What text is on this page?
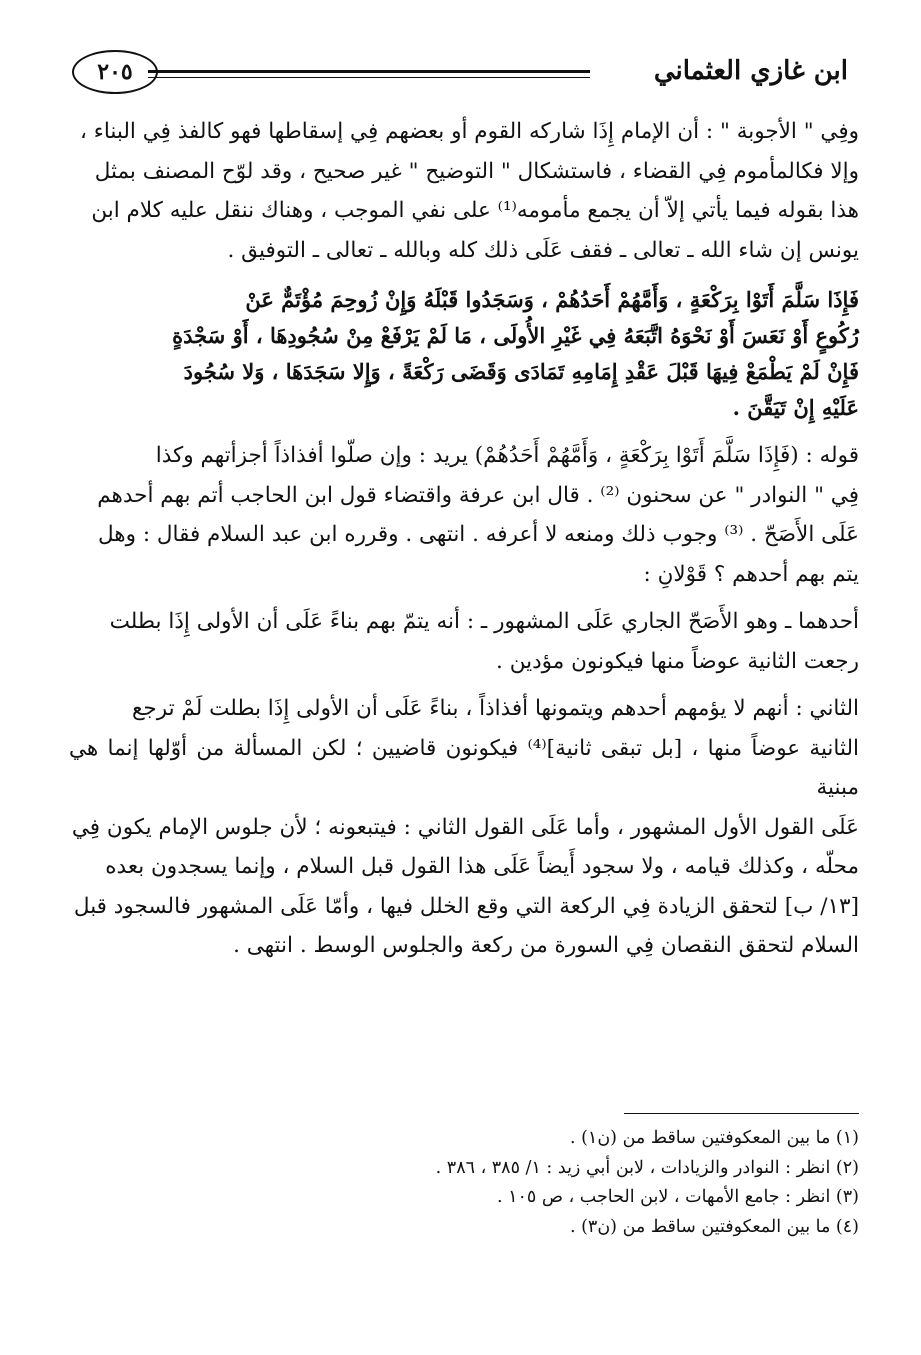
ابن غازي العثماني
٢٠٥

وفِي " الأجوبة " : أن الإمام إِذَا شاركه القوم أو بعضهم فِي إسقاطها فهو كالفذ فِي البناء ،
وإلا فكالمأموم فِي القضاء ، فاستشكال " التوضيح " غير صحيح ، وقد لوّح المصنف بمثل
هذا بقوله فيما يأتي إلاّ أن يجمع مأمومه⁽¹⁾ على نفي الموجب ، وهناك ننقل عليه كلام ابن
يونس إن شاء الله ـ تعالى ـ فقف عَلَى ذلك كله وبالله ـ تعالى ـ التوفيق .

فَإِذَا سَلَّمَ أَتَوْا بِرَكْعَةٍ ، وَأَمَّهُمْ أَحَدُهُمْ ، وَسَجَدُوا قَبْلَهُ وَإِنْ زُوحِمَ مُؤْتَمٌّ عَنْ
رُكُوعٍ أَوْ نَعَسَ أَوْ نَحْوَهُ اتَّبَعَهُ فِي غَيْرِ الأُولَى ، مَا لَمْ يَرْفَعْ مِنْ سُجُودِهَا ، أَوْ سَجْدَةٍ
فَإِنْ لَمْ يَطْمَعْ فِيهَا قَبْلَ عَقْدِ إِمَامِهِ تَمَادَى وَقَضَى رَكْعَةً ، وَإِلا سَجَدَهَا ، وَلا سُجُودَ
عَلَيْهِ إِنْ تَيَقَّنَ .

قوله : (فَإِذَا سَلَّمَ أَتَوْا بِرَكْعَةٍ ، وَأَمَّهُمْ أَحَدُهُمْ) يريد : وإن صلّوا أفذاذاً أجزأتهم وكذا
فِي " النوادر " عن سحنون ⁽²⁾ . قال ابن عرفة واقتضاء قول ابن الحاجب أتم بهم أحدهم
عَلَى الأَصَحّ . ⁽³⁾ وجوب ذلك ومنعه لا أعرفه . انتهى . وقرره ابن عبد السلام فقال : وهل
يتم بهم أحدهم ؟ قَوْلانِ :

أحدهما ـ وهو الأَصَحّ الجاري عَلَى المشهور ـ : أنه يتمّ بهم بناءً عَلَى أن الأولى إِذَا بطلت
رجعت الثانية عوضاً منها فيكونون مؤدين .

الثاني : أنهم لا يؤمهم أحدهم ويتمونها أفذاذاً ، بناءً عَلَى أن الأولى إِذَا بطلت لَمْ ترجع
الثانية عوضاً منها ، [بل تبقى ثانية]⁽⁴⁾ فيكونون قاضيين ؛ لكن المسألة من أوّلها إنما هي مبنية
عَلَى القول الأول المشهور ، وأما عَلَى القول الثاني : فيتبعونه ؛ لأن جلوس الإمام يكون فِي
محلّه ، وكذلك قيامه ، ولا سجود أَيضاً عَلَى هذا القول قبل السلام ، وإنما يسجدون بعده
[١٣/ ب] لتحقق الزيادة فِي الركعة التي وقع الخلل فيها ، وأمّا عَلَى المشهور فالسجود قبل
السلام لتحقق النقصان فِي السورة من ركعة والجلوس الوسط . انتهى .

(١) ما بين المعكوفتين ساقط من (ن١) .

(٢) انظر : النوادر والزيادات ، لابن أبي زيد : ١/ ٣٨٥ ، ٣٨٦ .

(٣) انظر : جامع الأمهات ، لابن الحاجب ، ص ١٠٥ .

(٤) ما بين المعكوفتين ساقط من (ن٣) .
